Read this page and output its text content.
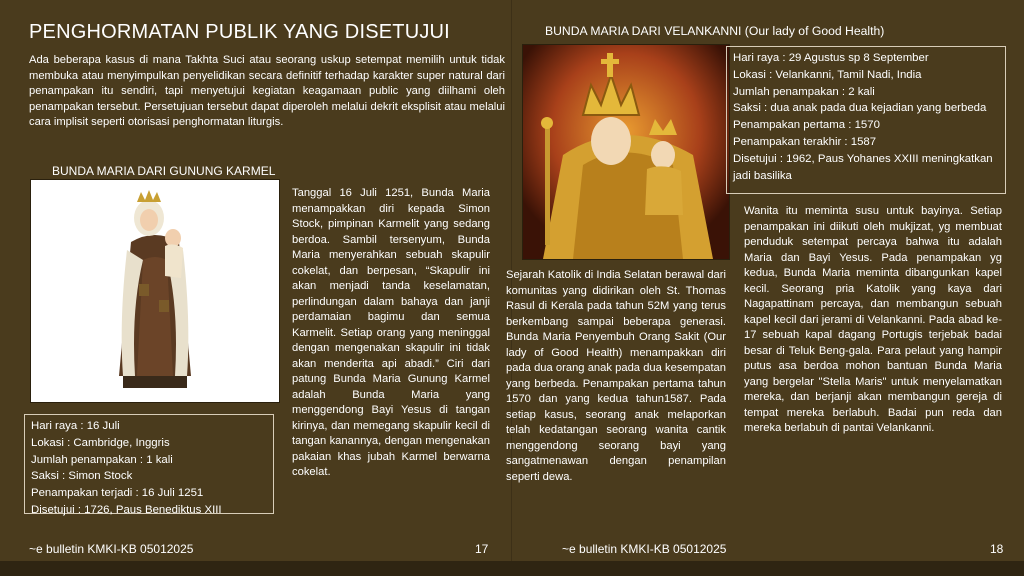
PENGHORMATAN PUBLIK YANG DISETUJUI
Ada beberapa kasus di mana Takhta Suci atau seorang uskup setempat memilih untuk tidak membuka atau menyimpulkan penyelidikan secara definitif terhadap karakter super natural dari penampakan itu sendiri, tapi menyetujui kegiatan keagamaan public yang diilhami oleh penampakan tersebut. Persetujuan tersebut dapat diperoleh melalui dekrit eksplisit atau melalui cara implisit seperti otorisasi penghormatan liturgis.
BUNDA MARIA DARI GUNUNG KARMEL
Hari raya : 16 Juli
Lokasi : Cambridge, Inggris
Jumlah penampakan : 1 kali
Saksi : Simon Stock
Penampakan terjadi : 16 Juli 1251
Disetujui : 1726, Paus Benediktus XIII
Tanggal 16 Juli 1251, Bunda Maria menampakkan diri kepada Simon Stock, pimpinan Karmelit yang sedang berdoa. Sambil tersenyum, Bunda Maria menyerahkan sebuah skapulir cokelat, dan berpesan, “Skapulir ini akan menjadi tanda keselamatan, perlindungan dalam bahaya dan janji perdamaian bagimu dan semua Karmelit. Setiap orang yang meninggal dengan mengenakan skapulir ini tidak akan menderita api abadi.” Ciri dari patung Bunda Maria Gunung Karmel adalah Bunda Maria yang menggendong Bayi Yesus di tangan kirinya, dan memegang skapulir kecil di tangan kanannya, dengan mengenakan pakaian khas jubah Karmel berwarna cokelat.
~e bulletin KMKI-KB 05012025	17
BUNDA MARIA DARI VELANKANNI (Our lady of Good Health)
Hari raya : 29 Agustus sp 8 September
Lokasi : Velankanni, Tamil Nadi, India
Jumlah penampakan : 2 kali
Saksi : dua anak pada dua kejadian yang berbeda
Penampakan pertama : 1570
Penampakan terakhir : 1587
Disetujui : 1962, Paus Yohanes XXIII meningkatkan jadi basilika
Sejarah Katolik di India Selatan berawal dari komunitas yang didirikan oleh St. Thomas Rasul di Kerala pada tahun 52M yang terus berkembang sampai beberapa generasi. Bunda Maria Penyembuh Orang Sakit (Our lady of Good Health) menampakkan diri pada dua orang anak pada dua kesempatan yang berbeda. Penampakan pertama tahun 1570 dan yang kedua tahun1587. Pada setiap kasus, seorang anak melaporkan telah kedatangan seorang wanita cantik menggendong seorang bayi yang sangatmenawan dengan penampilan seperti dewa.
Wanita itu meminta susu untuk bayinya. Setiap penampakan ini diikuti oleh mukjizat, yg membuat penduduk setempat percaya bahwa itu adalah Maria dan Bayi Yesus. Pada penampakan yg kedua, Bunda Maria meminta dibangunkan kapel kecil. Seorang pria Katolik yang kaya dari Nagapattinam percaya, dan membangun sebuah kapel kecil dari jerami di Velankanni. Pada abad ke-17 sebuah kapal dagang Portugis terjebak badai besar di Teluk Beng-gala. Para pelaut yang hampir putus asa berdoa mohon bantuan Bunda Maria yang bergelar "Stella Maris" untuk menyelamatkan mereka, dan berjanji akan membangun gereja di tempat mereka berlabuh. Badai pun reda dan mereka berlabuh di pantai Velankanni.
~e bulletin KMKI-KB 05012025	18
